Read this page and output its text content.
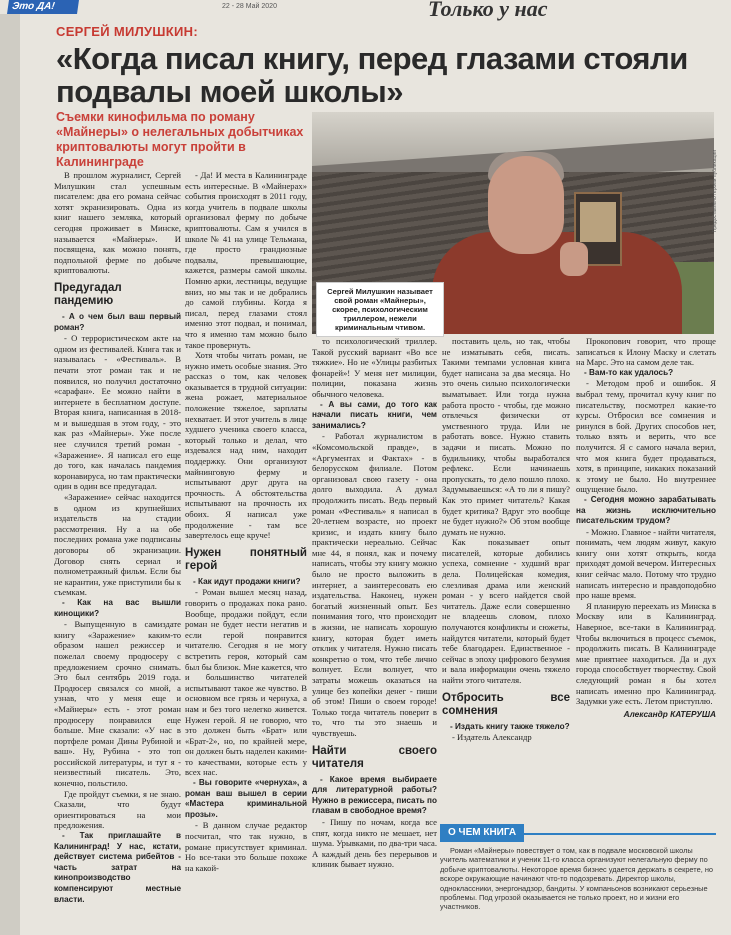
Это ДА!	22 - 28 Май 2020	Только у нас
СЕРГЕЙ МИЛУШКИН:
«Когда писал книгу, перед глазами стояли подвалы моей школы»
Съемки кинофильма по роману «Майнеры» о нелегальных добытчиках криптовалюты могут пройти в Калининграде	Предоставлено героем публикации
Сергей Милушкин называет свой роман «Майнеры», скорее, психологическим триллером, нежели криминальным чтивом.

В прошлом журналист, Сергей Милушкин стал успешным писателем: два его романа сейчас хотят экранизировать. Одна из книг нашего земляка, который сегодня проживает в Минске, называется «Майнеры». И посвящена, как можно понять, подпольной ферме по добыче криптовалюты.

Предугадал пандемию

- А о чем был ваш первый роман?

- О террористическом акте на одном из фестивалей. Книга так и называлась - «Фестиваль». В печати этот роман так и не появился, но получил достаточно «сарафан». Ее можно найти в интернете в бесплатном доступе. Вторая книга, написанная в 2018-м и вышедшая в этом году, - это как раз «Майнеры». Уже после нее случился третий роман - «Заражение». Я написал его еще до того, как началась пандемия коронавируса, но там практически один в один все предугадал.

«Заражение» сейчас находится в одном из крупнейших издательств на стадии рассмотрения. Ну а на обе последних романа уже подписаны договоры об экранизации. Договор снять сериал и полнометражный фильм. Если бы не карантин, уже приступили бы к съемкам.

- Как на вас вышли кинощики?

- Выпущенную в самиздате книгу «Заражение» каким-то образом нашел режиссер и пожелал своему продюсеру с предложением срочно снимать. Это был сентябрь 2019 года. Продюсер связался со мной, а узнав, что у меня еще и «Майнеры» есть - этот роман продюсеру понравился еще больше. Мне сказали: «У нас в портфеле роман Дины Рубиной и ваш». Ну, Рубина - это топ российской литературы, и тут я - неизвестный писатель. Это, конечно, польстило.

Где пройдут съемки, я не знаю. Сказали, что будут ориентироваться на мои предложения.

- Так приглашайте в Калининград! У нас, кстати, действует система рибейтов - часть затрат на кинопроизводство компенсируют местные власти.

- Да! И места в Калининграде есть интересные. В «Майнерах» события происходят в 2011 году, когда учитель в подвале школы организовал ферму по добыче криптовалюты. Сам я учился в школе № 41 на улице Тельмана, где просто грандиозные подвалы, превышающие, кажется, размеры самой школы. Помню арки, лестницы, ведущие вниз, но мы так и не добрались до самой глубины. Когда я писал, перед глазами стоял именно этот подвал, и понимал, что я именно там можно было такое провернуть.

Хотя чтобы читать роман, не нужно иметь особые знания. Это рассказ о том, как человек оказывается в трудной ситуации: жена рожает, материальное положение тяжелое, зарплаты нехватает. И этот учитель в лице худшего ученика своего класса, который только и делал, что издевался над ним, находит поддержку. Они организуют майнинговую ферму и испытывают друг друга на прочность. А обстоятельства испытывают на прочность их обоих. Я написал уже продолжение - там все завертелось еще круче!

Нужен понятный герой

- Как идут продажи книги?

- Роман вышел месяц назад, говорить о продажах пока рано. Вообще, продажи пойдут, если роман не будет нести негатив и если герой понравится читателю. Сегодня я не могу встретить героя, который сам был бы близок. Мне кажется, что и большинство читателей испытывают такое же чувство. В основном все грязь и чернуха, а нам и без того нелегко живется. Нужен герой. Я не говорю, что это должен быть «Брат» или «Брат-2», но, по крайней мере, он должен быть наделен какими-то качествами, которые есть у всех нас.

- Вы говорите «чернуха», а роман ваш вышел в серии «Мастера криминальной прозы».

- В данном случае редактор посчитал, что так нужно, в романе присутствует криминал. Но все-таки это больше похоже на какой-

то психологический триллер. Такой русский вариант «Во все тяжкие». Но не «Улицы разбитых фонарей»! У меня нет милиции, полиции, показана жизнь обычного человека.

- А вы сами, до того как начали писать книги, чем занимались?

- Работал журналистом в «Комсомольской правде», в «Аргументах и Фактах» - в белорусском филиале. Потом организовал свою газету - она долго выходила. А думал продолжить писать. Ведь первый роман «Фестиваль» я написал в 20-летнем возрасте, но проект кризис, и издать книгу было практически нереально. Сейчас мне 44, я понял, как и почему написать, чтобы эту книгу можно было не просто выложить в интернет, а заинтересовать ею издательства. Наконец, нужен богатый жизненный опыт. Без понимания того, что происходит в жизни, не написать хорошую книгу, которая будет иметь отклик у читателя. Нужно писать конкретно о том, что тебе лично волнует. Если волнует, что затраты можешь оказаться на улице без копейки денег - пиши об этом! Пиши о своем городе! Только тогда читатель поверит в то, что ты это знаешь и чувствуешь.

Найти своего читателя

- Какое время выбираете для литературной работы? Нужно в режиссера, писать по главам в свободное время?

- Пишу по ночам, когда все спят, когда никто не мешает, нет шума. Урывками, по два-три часа. А каждый день без перерывов и клиник бывает нужно.

поставить цель, но так, чтобы не изматывать себя, писать. Такими темпами условная книга будет написана за два месяца. Но это очень сильно психологически выматывает. Или тогда нужна работа просто - чтобы, где можно отвлечься физически от умственного труда. Или не работать вовсе. Нужно ставить задачи и писать. Можно по будильнику, чтобы выработался рефлекс. Если начинаешь пропускать, то дело пошло плохо. Задумываешься: «А то ли я пишу? Как это примет читатель? Какая будет критика? Вдруг это вообще не будет нужно?» Об этом вообще думать не нужно.

Как показывает опыт писателей, которые добились успеха, сомнение - худший враг дела. Полицейская комедия, слезливая драма или женский роман - у всего найдется свой читатель. Даже если совершенно не владеешь словом, плохо получаются конфликты и сюжеты, найдутся читатели, который будет тебе благодарен. Единственное - сейчас в эпоху цифрового безумия и вала информации очень тяжело найти этого читателя.

Отбросить все сомнения

- Издать книгу также тяжело?

- Издатель Александр

Прокопович говорит, что проще записаться к Илону Маску и слетать на Марс. Это на самом деле так.

- Вам-то как удалось?

- Методом проб и ошибок. Я выбрал тему, прочитал кучу книг по писательству, посмотрел какие-то курсы. Отбросил все сомнения и ринулся в бой. Других способов нет, только взять и верить, что все получится. Я с самого начала верил, что моя книга будет продаваться, хотя, в принципе, никаких показаний к этому не было. Но внутреннее ощущение было.

- Сегодня можно зарабатывать на жизнь исключительно писательским трудом?

- Можно. Главное - найти читателя, понимать, чем людям живут, какую книгу они хотят открыть, когда приходят домой вечером. Интересных книг сейчас мало. Потому что трудно написать интересно и правдоподобно про наше время.

Я планирую переехать из Минска в Москву или в Калининград. Наверное, все-таки в Калининград. Чтобы включиться в процесс съемок, продолжить писать. В Калининграде мне приятнее находиться. Да и дух города способствует творчеству. Свой следующий роман я бы хотел написать именно про Калининград. Задумки уже есть. Летом приступлю.

Александр КАТЕРУША

О ЧЕМ КНИГА
Роман «Майнеры» повествует о том, как в подвале московской школы учитель математики и ученик 11-го класса организуют нелегальную ферму по добыче криптовалюты. Некоторое время бизнес удается держать в секрете, но вскоре окружающие начинают что-то подозревать. Директор школы, одноклассники, энергонадзор, бандиты. У компаньонов возникают серьезные проблемы. Под угрозой оказывается не только проект, но и жизни его участников.
